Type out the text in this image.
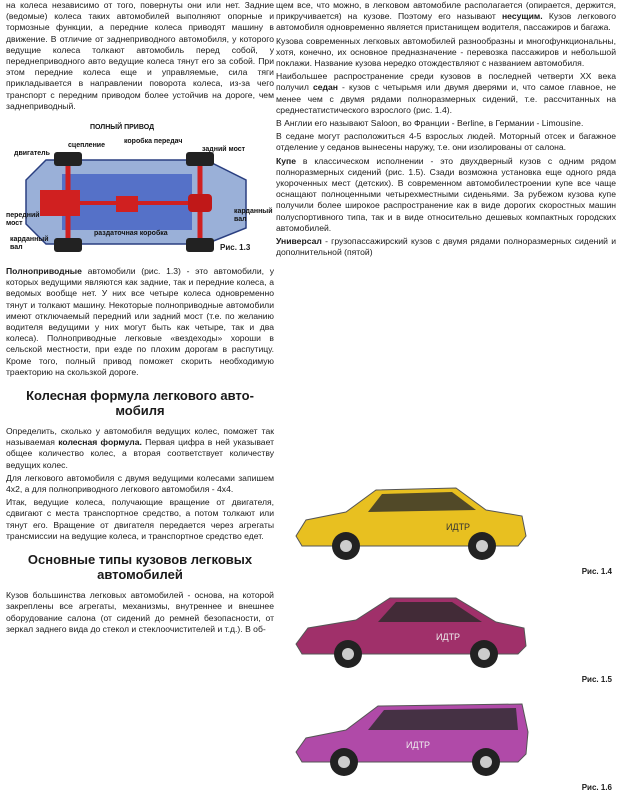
на колеса независимо от того, повернуты они или нет. Задние (ведомые) колеса таких автомобилей выполняют опорные и тормозные функции, а передние колеса приводят машину в движение. В отличие от заднеприводного автомобиля, у которого ведущие колеса толкают автомобиль перед собой, у переднеприводного авто ведущие колеса тянут его за собой. При этом передние колеса еще и управляемые, сила тяги прикладывается в направлении поворота колеса, из-за чего транспорт с передним приводом более устойчив на дороге, чем заднеприводный.

ПОЛНЫЙ ПРИВОД
сцепление
коробка передач
задний мост
двигатель
передний мост
карданный вал
карданный вал
раздаточная коробка
Рис. 1.3

Полноприводные автомобили (рис. 1.3) - это автомобили, у которых ведущими являются как задние, так и передние колеса, а ведомых вообще нет. У них все четыре колеса одновременно тянут и толкают машину. Некоторые полноприводные автомобили имеют отключаемый передний или задний мост (т.е. по желанию водителя ведущими у них могут быть как четыре, так и два колеса). Полноприводные легковые «вездеходы» хороши в сельской местности, при езде по плохим дорогам в распутицу. Кроме того, полный привод поможет скорить необходимую траекторию на скользкой дороге.

Колесная формула легкового авто-
мобиля

Определить, сколько у автомобиля ведущих колес, поможет так называемая колесная формула. Первая цифра в ней указывает общее количество колес, а вторая соответствует количеству ведущих колес.

Для легкового автомобиля с двумя ведущими колесами запишем 4х2, а для полноприводного легкового автомобиля - 4х4.

Итак, ведущие колеса, получающие вращение от двигателя, сдвигают с места транспортное средство, а потом толкают или тянут его. Вращение от двигателя передается через агрегаты трансмиссии на ведущие колеса, и транспортное средство едет.

Основные типы кузовов легковых
автомобилей

Кузов большинства легковых автомобилей - основа, на которой закреплены все агрегаты, механизмы, внутреннее и внешнее оборудование салона (от сидений до ремней безопасности, от зеркал заднего вида до стекол и стеклоочистителей и т.д.). В об-

щем все, что можно, в легковом автомобиле располагается (опирается, держится, прикручивается) на кузове. Поэтому его называют несущим. Кузов легкового автомобиля одновременно является пристанищем водителя, пассажиров и багажа.

Кузова современных легковых автомобилей разнообразны и многофункциональны, хотя, конечно, их основное предназначение - перевозка пассажиров и небольшой поклажи. Название кузова нередко отождествляют с названием автомобиля.

Наибольшее распространение среди кузовов в последней четверти XX века получил седан - кузов с четырьмя или двумя дверями и, что самое главное, не менее чем с двумя рядами полноразмерных сидений, т.е. рассчитанных на среднестатистического взрослого (рис. 1.4).

В Англии его называют Saloon, во Франции - Berline, в Германии - Limousine.

В седане могут расположиться 4-5 взрослых людей. Моторный отсек и багажное отделение у седанов вынесены наружу, т.е. они изолированы от салона.

Купе в классическом исполнении - это двухдверный кузов с одним рядом полноразмерных сидений (рис. 1.5). Сзади возможна установка еще одного ряда укороченных мест (детских). В современном автомобилестроении купе все чаще оснащают полноценными четырехместными сиденьями. За рубежом кузова купе получили более широкое распространение как в виде дорогих скоростных машин полуспортивного типа, так и в виде относительно дешевых компактных городских автомобилей.

Универсал - грузопассажирский кузов с двумя рядами полноразмерных сидений и дополнительной (пятой)

ИДТР
Рис. 1.4
ИДТР
Рис. 1.5
ИДТР
Рис. 1.6
